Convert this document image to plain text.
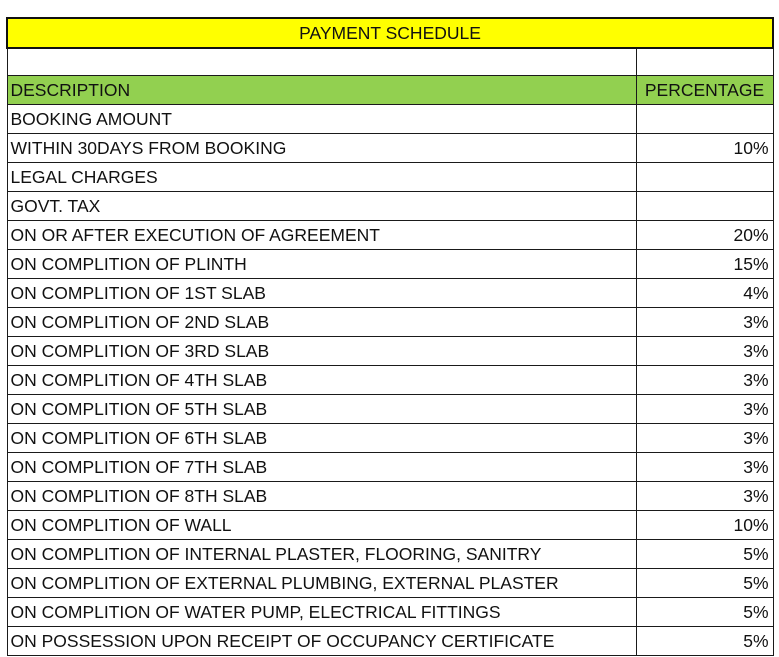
PAYMENT SCHEDULE	

DESCRIPTION	PERCENTAGE
BOOKING AMOUNT	
WITHIN 30DAYS FROM BOOKING	10%
LEGAL CHARGES	
GOVT. TAX	
ON OR AFTER EXECUTION OF AGREEMENT	20%
ON COMPLITION OF PLINTH	15%
ON COMPLITION OF 1ST SLAB	4%
ON COMPLITION OF 2ND SLAB	3%
ON COMPLITION OF 3RD SLAB	3%
ON COMPLITION OF 4TH SLAB	3%
ON COMPLITION OF 5TH SLAB	3%
ON COMPLITION OF 6TH SLAB	3%
ON COMPLITION OF 7TH SLAB	3%
ON COMPLITION OF 8TH SLAB	3%
ON COMPLITION OF WALL	10%
ON COMPLITION OF INTERNAL PLASTER, FLOORING, SANITRY	5%
ON COMPLITION OF EXTERNAL PLUMBING, EXTERNAL PLASTER	5%
ON COMPLITION OF WATER PUMP, ELECTRICAL FITTINGS	5%
ON POSSESSION UPON RECEIPT OF OCCUPANCY CERTIFICATE	5%
